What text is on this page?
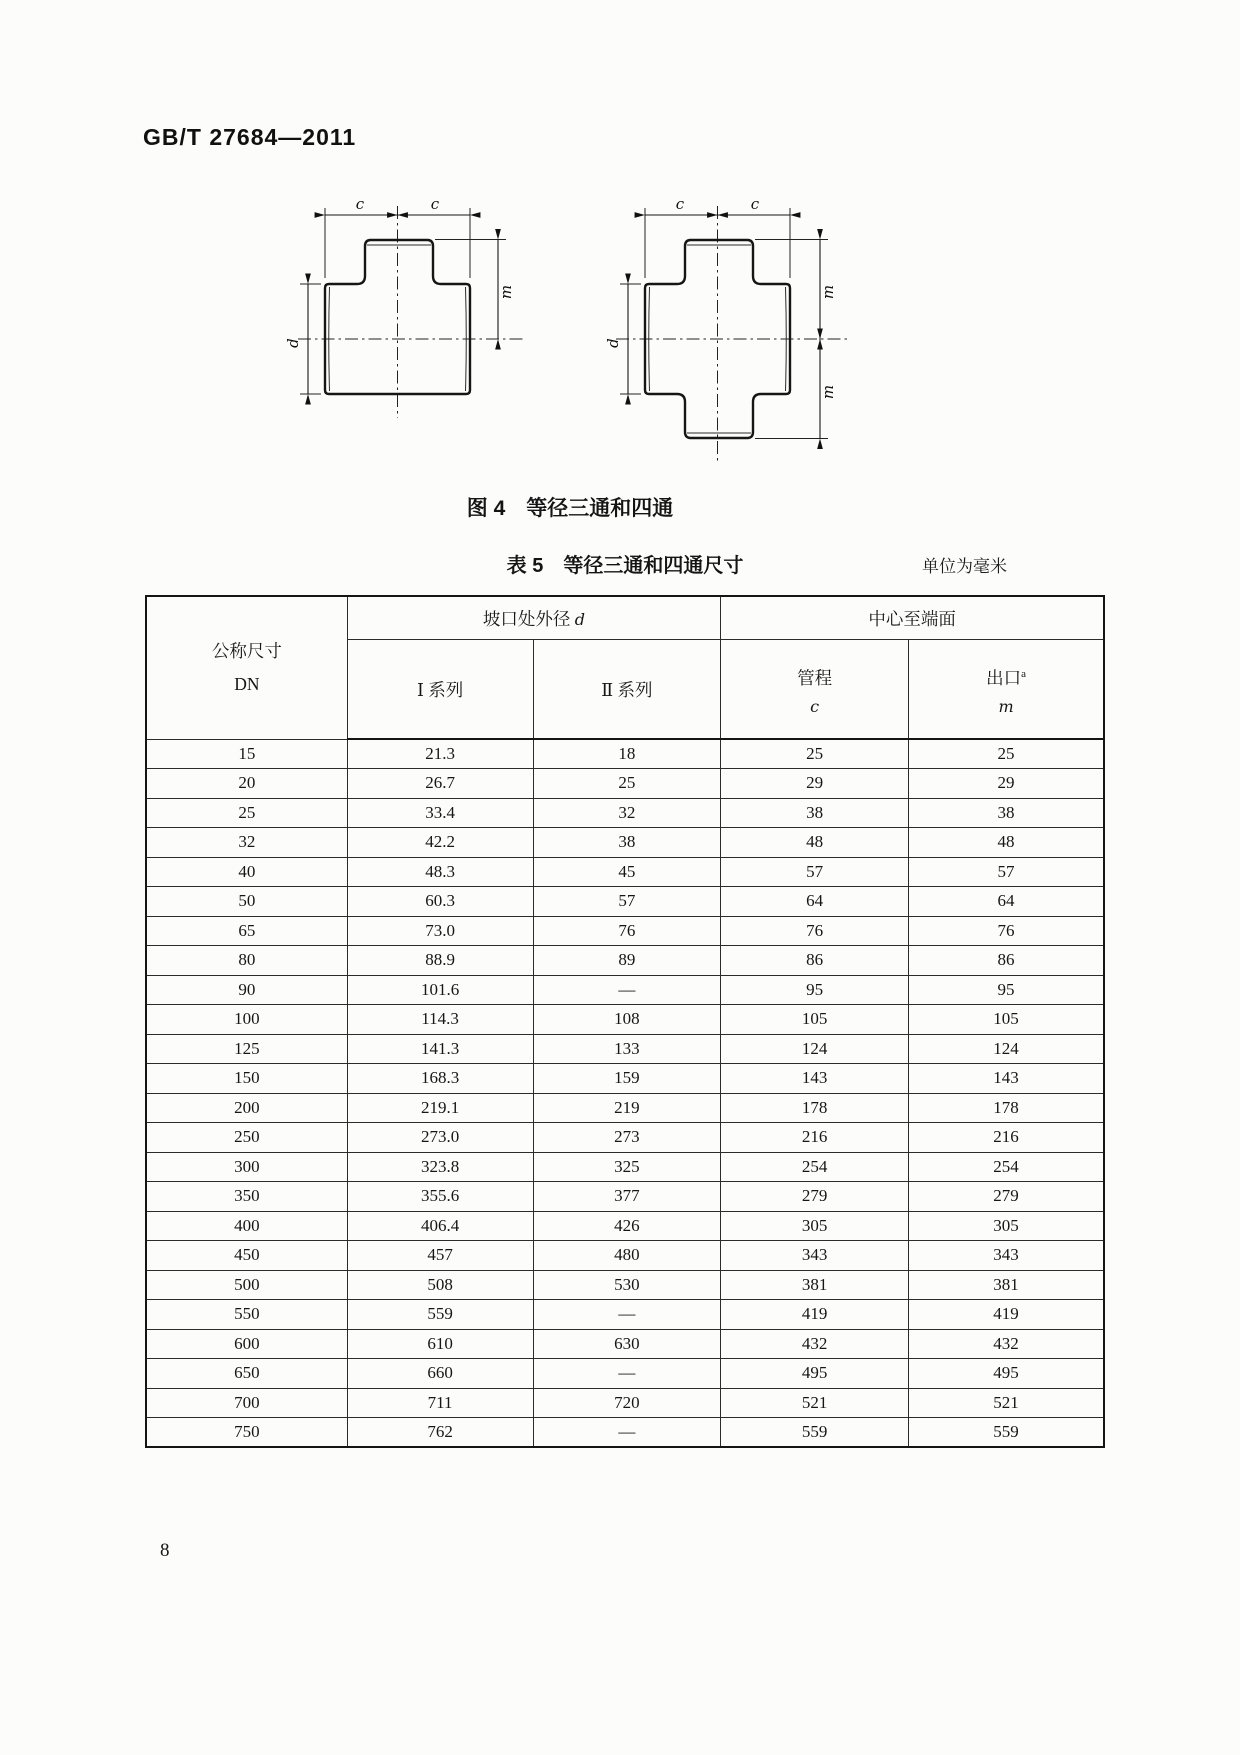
GB/T 27684—2011
c	c
d
m
c	c
d
m
m
图 4　等径三通和四通
表 5　等径三通和四通尺寸	单位为毫米
公称尺寸
DN	坡口处外径 d		中心至端面	
	Ⅰ 系列	Ⅱ 系列	管程
c	出口$^a$
m

15	21.3	18	25	25
20	26.7	25	29	29
25	33.4	32	38	38
32	42.2	38	48	48
40	48.3	45	57	57
50	60.3	57	64	64
65	73.0	76	76	76
80	88.9	89	86	86
90	101.6	—	95	95
100	114.3	108	105	105
125	141.3	133	124	124
150	168.3	159	143	143
200	219.1	219	178	178
250	273.0	273	216	216
300	323.8	325	254	254
350	355.6	377	279	279
400	406.4	426	305	305
450	457	480	343	343
500	508	530	381	381
550	559	—	419	419
600	610	630	432	432
650	660	—	495	495
700	711	720	521	521
750	762	—	559	559
8
